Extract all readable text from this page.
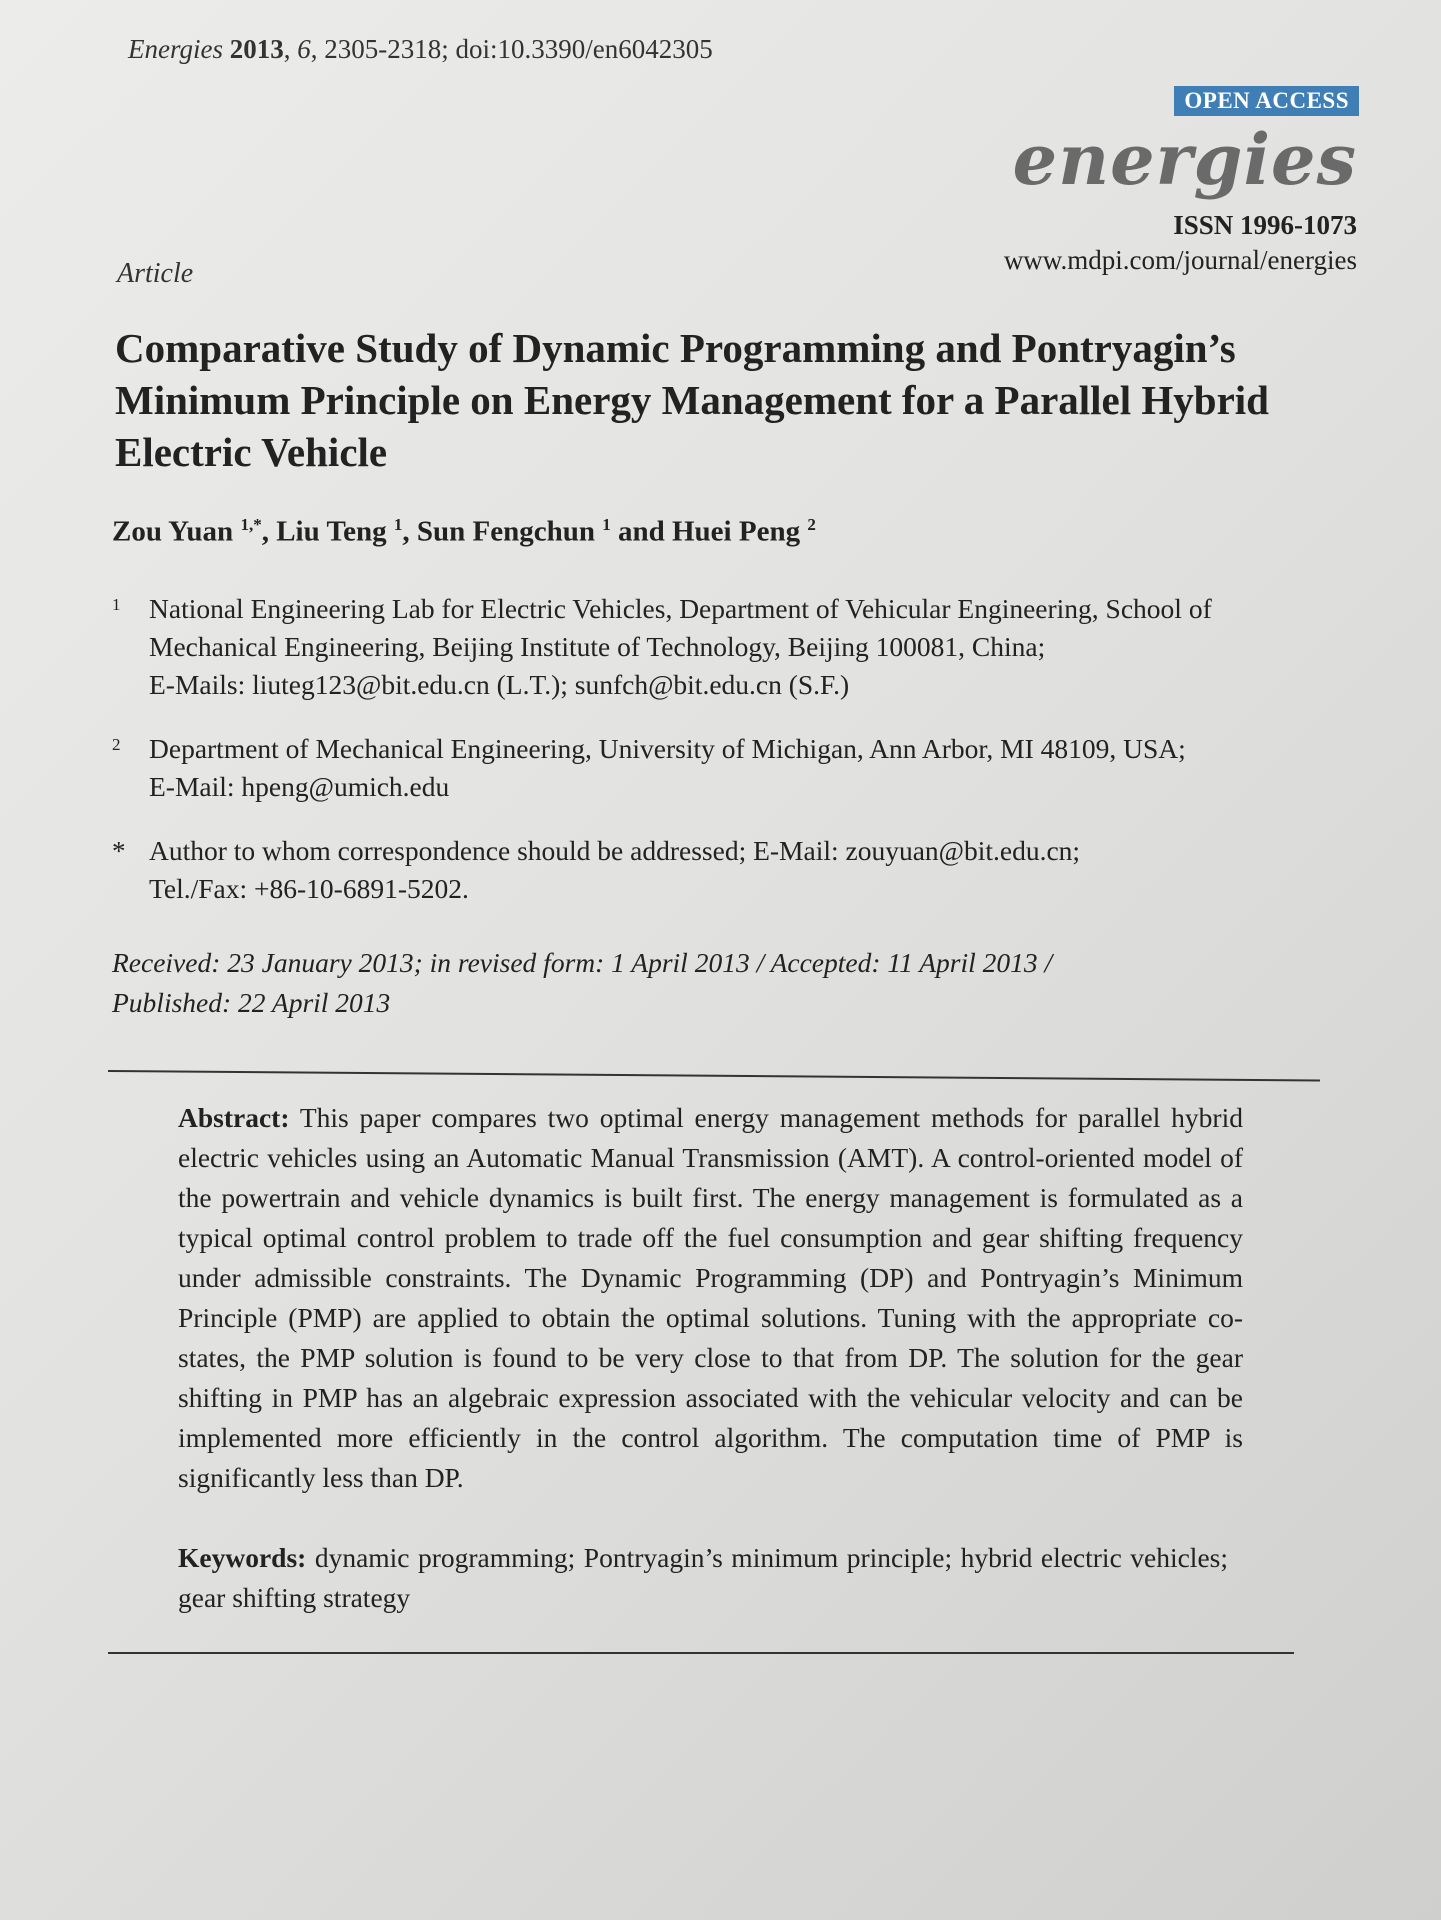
Energies 2013, 6, 2305-2318; doi:10.3390/en6042305
OPEN ACCESS
energies
ISSN 1996-1073
www.mdpi.com/journal/energies
Article
Comparative Study of Dynamic Programming and Pontryagin’s Minimum Principle on Energy Management for a Parallel Hybrid Electric Vehicle
Zou Yuan $^{1,*}$, Liu Teng $^1$, Sun Fengchun $^1$ and Huei Peng $^2$
1 National Engineering Lab for Electric Vehicles, Department of Vehicular Engineering, School of
Mechanical Engineering, Beijing Institute of Technology, Beijing 100081, China;
E-Mails: liuteg123@bit.edu.cn (L.T.); sunfch@bit.edu.cn (S.F.)
2 Department of Mechanical Engineering, University of Michigan, Ann Arbor, MI 48109, USA;
E-Mail: hpeng@umich.edu
* Author to whom correspondence should be addressed; E-Mail: zouyuan@bit.edu.cn;
Tel./Fax: +86-10-6891-5202.
Received: 23 January 2013; in revised form: 1 April 2013 / Accepted: 11 April 2013 /
Published: 22 April 2013

Abstract: This paper compares two optimal energy management methods for parallel hybrid electric vehicles using an Automatic Manual Transmission (AMT). A control-oriented model of the powertrain and vehicle dynamics is built first. The energy management is formulated as a typical optimal control problem to trade off the fuel consumption and gear shifting frequency under admissible constraints. The Dynamic Programming (DP) and Pontryagin’s Minimum Principle (PMP) are applied to obtain the optimal solutions. Tuning with the appropriate co-states, the PMP solution is found to be very close to that from DP. The solution for the gear shifting in PMP has an algebraic expression associated with the vehicular velocity and can be implemented more efficiently in the control algorithm. The computation time of PMP is significantly less than DP.

Keywords: dynamic programming; Pontryagin’s minimum principle; hybrid electric vehicles; gear shifting strategy
